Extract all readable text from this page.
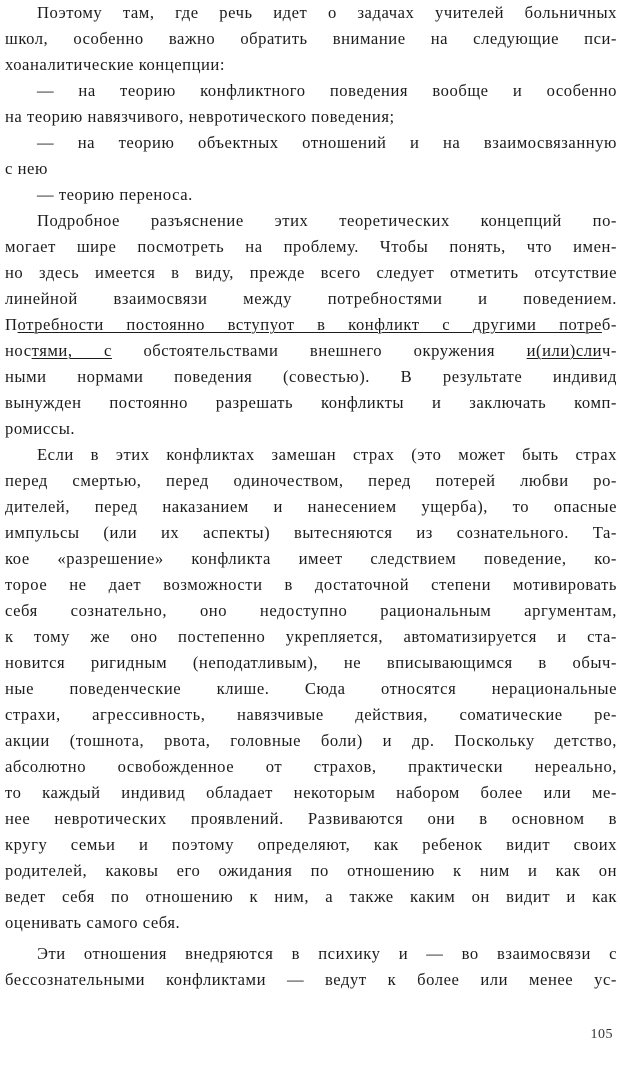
Поэтому там, где речь идет о задачах учителей больничных
школ, особенно важно обратить внимание на следующие пси-
хоаналитические концепции:
— на теорию конфликтного поведения вообще и особенно
на теорию навязчивого, невротического поведения;
— на теорию объектных отношений и на взаимосвязанную
с нею
— теорию переноса.
Подробное разъяснение этих теоретических концепций по-
могает шире посмотреть на проблему. Чтобы понять, что имен-
но здесь имеется в виду, прежде всего следует отметить отсутствие
линейной взаимосвязи между потребностями и поведением.
Потребности постоянно вступуот в конфликт с другими потреб-
ностями, с обстоятельствами внешнего окружения и(или)слич-
ными нормами поведения (совестью). В результате индивид
вынужден постоянно разрешать конфликты и заключать комп-
ромиссы.
Если в этих конфликтах замешан страх (это может быть страх
перед смертью, перед одиночеством, перед потерей любви ро-
дителей, перед наказанием и нанесением ущерба), то опасные
импульсы (или их аспекты) вытесняются из сознательного. Та-
кое «разрешение» конфликта имеет следствием поведение, ко-
торое не дает возможности в достаточной степени мотивировать
себя сознательно, оно недоступно рациональным аргументам,
к тому же оно постепенно укрепляется, автоматизируется и ста-
новится ригидным (неподатливым), не вписывающимся в обыч-
ные поведенческие клише. Сюда относятся нерациональные
страхи, агрессивность, навязчивые действия, соматические ре-
акции (тошнота, рвота, головные боли) и др. Поскольку детство,
абсолютно освобожденное от страхов, практически нереально,
то каждый индивид обладает некоторым набором более или ме-
нее невротических проявлений. Развиваются они в основном в
кругу семьи и поэтому определяют, как ребенок видит своих
родителей, каковы его ожидания по отношению к ним и как он
ведет себя по отношению к ним, а также каким он видит и как
оценивать самого себя.
Эти отношения внедряются в психику и — во взаимосвязи с
бессознательными конфликтами — ведут к более или менее ус-
105
